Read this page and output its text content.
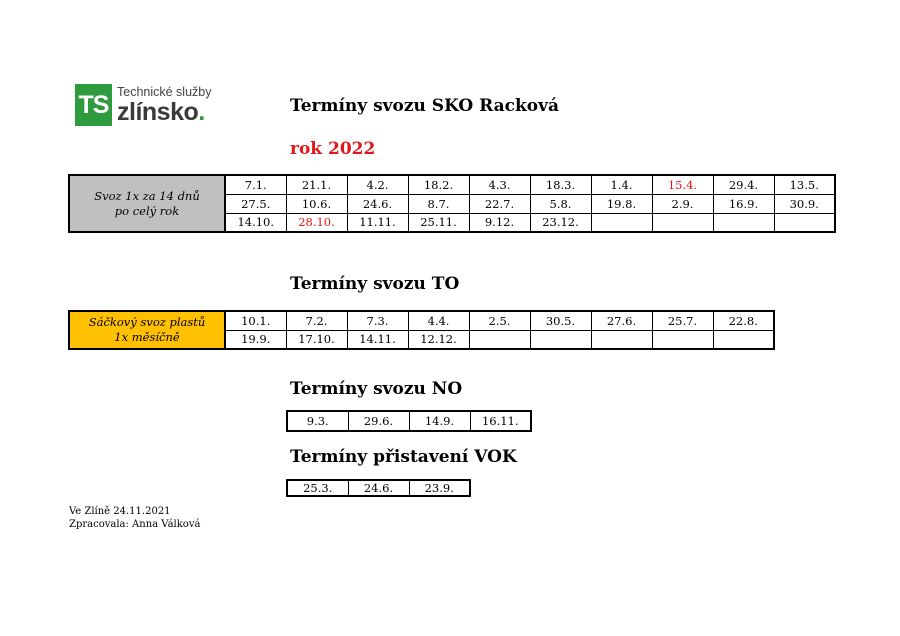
TS Technické služby
zlínsko.	Termíny svozu SKO Racková
rok 2022
Svoz 1x za 14 dnů
po celý rok	7.1.	21.1.	4.2.	18.2.	4.3.	18.3.	1.4.	15.4.	29.4.	13.5.
	27.5.	10.6.	24.6.	8.7.	22.7.	5.8.	19.8.	2.9.	16.9.	30.9.
	14.10.	28.10.	11.11.	25.11.	9.12.	23.12.				
Termíny svozu TO
Sáčkový svoz plastů
1x měsíčně	10.1.	7.2.	7.3.	4.4.	2.5.	30.5.	27.6.	25.7.	22.8.
	19.9.	17.10.	14.11.	12.12.					
Termíny svozu NO
9.3.	29.6.	14.9.	16.11.
Termíny přistavení VOK
25.3.	24.6.	23.9.
Ve Zlíně 24.11.2021
Zpracovala: Anna Válková
